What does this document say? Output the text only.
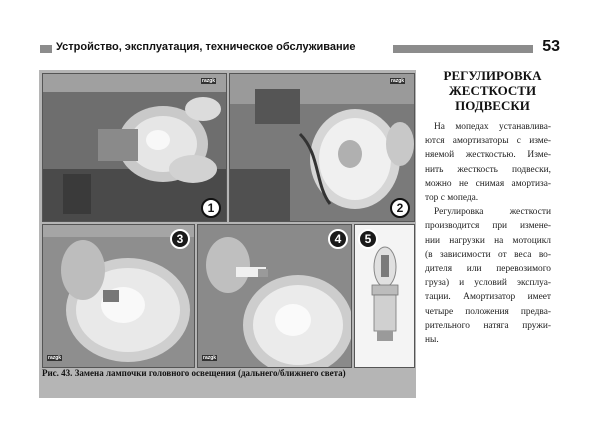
Устройство, эксплуатация, техническое обслуживание	53
razgk
1
razgk
2
razgk
3
razgk
4	5
Рис. 43. Замена лампочки головного освещения (дальнего/ближнего света)
РЕГУЛИРОВКА
ЖЕСТКОСТИ
ПОДВЕСКИ
На мопедах устанавлива-
ются амортизаторы с изме-
няемой жесткостью. Изме-
нить жесткость подвески,
можно не снимая амортиза-
тор с мопеда.
Регулировка жесткости
производится при измене-
нии нагрузки на мотоцикл
(в зависимости от веса во-
дителя или перевозимого
груза) и условий эксплуа-
тации. Амортизатор имеет
четыре положения предва-
рительного натяга пружи-
ны.
